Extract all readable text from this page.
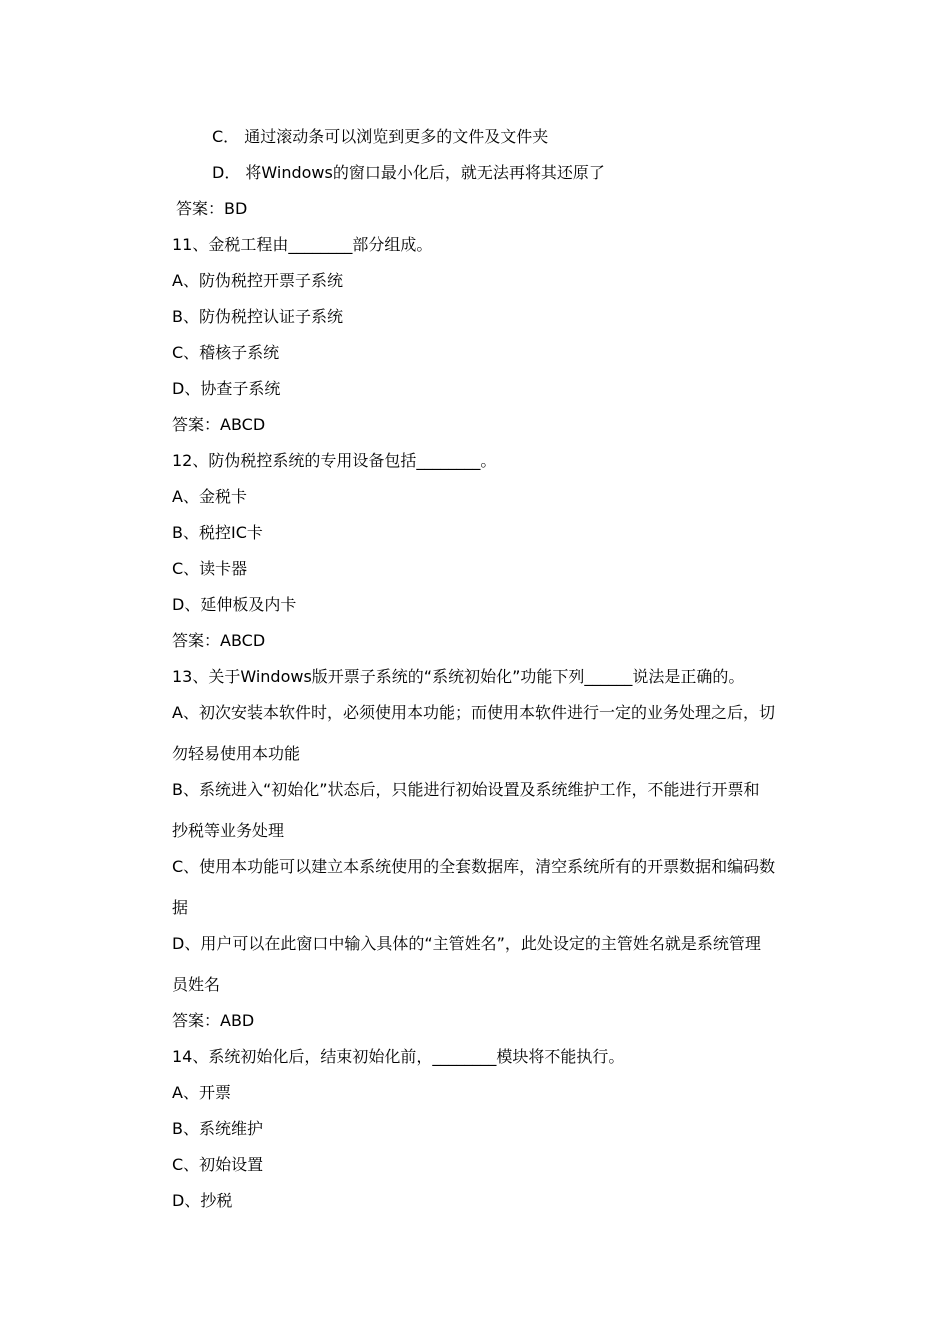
C． 通过滚动条可以浏览到更多的文件及文件夹
D． 将Windows的窗口最小化后，就无法再将其还原了
答案：BD
11、金税工程由________部分组成。
A、防伪税控开票子系统
B、防伪税控认证子系统
C、稽核子系统
D、协查子系统
答案：ABCD
12、防伪税控系统的专用设备包括________。
A、金税卡
B、税控IC卡
C、读卡器
D、延伸板及内卡
答案：ABCD
13、关于Windows版开票子系统的“系统初始化”功能下列______说法是正确的。
A、初次安装本软件时，必须使用本功能；而使用本软件进行一定的业务处理之后，切
勿轻易使用本功能
B、系统进入“初始化”状态后，只能进行初始设置及系统维护工作，不能进行开票和
抄税等业务处理
C、使用本功能可以建立本系统使用的全套数据库，清空系统所有的开票数据和编码数
据
D、用户可以在此窗口中输入具体的“主管姓名”，此处设定的主管姓名就是系统管理
员姓名
答案：ABD
14、系统初始化后，结束初始化前，________模块将不能执行。
A、开票
B、系统维护
C、初始设置
D、抄税
